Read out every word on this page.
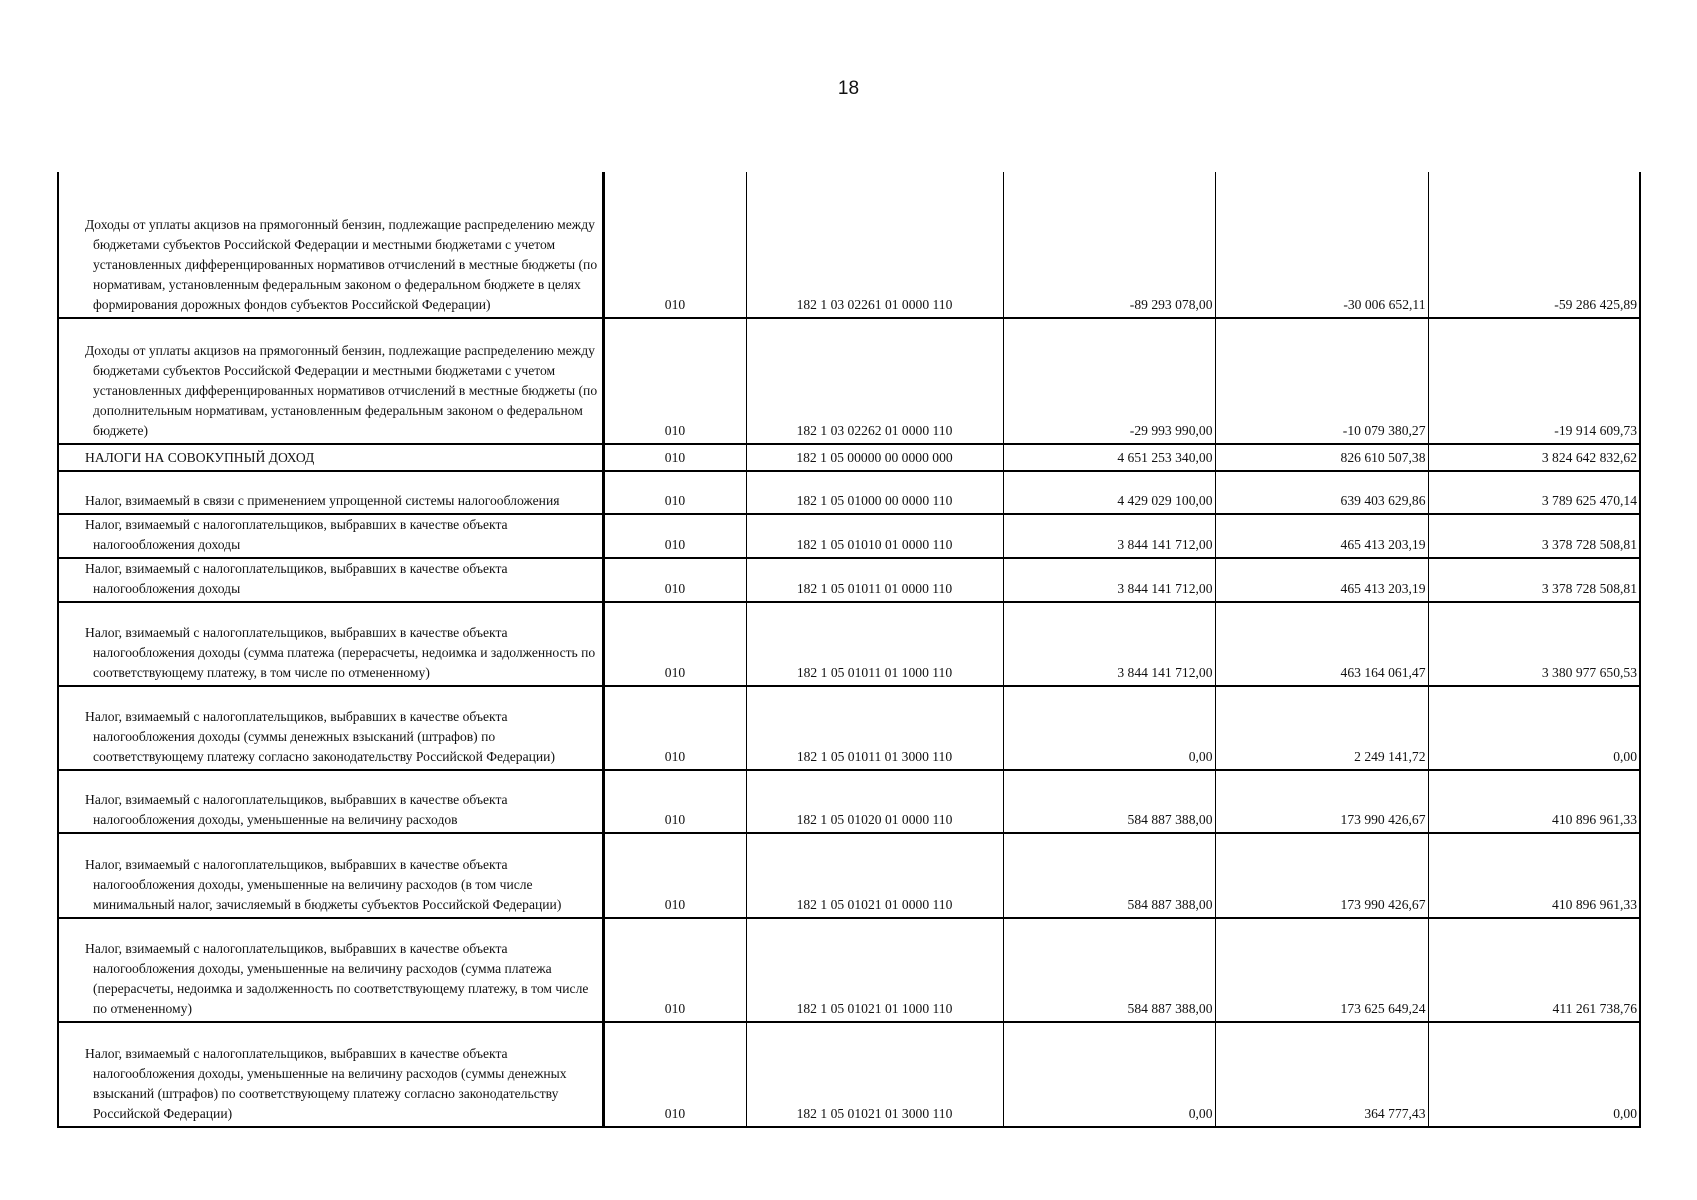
18
Доходы от уплаты акцизов на прямогонный бензин, подлежащие распределению между бюджетами субъектов Российской Федерации и местными бюджетами с учетом установленных дифференцированных нормативов отчислений в местные бюджеты (по нормативам, установленным федеральным законом о федеральном бюджете в целях формирования дорожных фондов субъектов Российской Федерации)	010	182 1 03 02261 01 0000 110	-89 293 078,00	-30 006 652,11	-59 286 425,89
Доходы от уплаты акцизов на прямогонный бензин, подлежащие распределению между бюджетами субъектов Российской Федерации и местными бюджетами с учетом установленных дифференцированных нормативов отчислений в местные бюджеты (по дополнительным нормативам, установленным федеральным законом о федеральном бюджете)	010	182 1 03 02262 01 0000 110	-29 993 990,00	-10 079 380,27	-19 914 609,73
НАЛОГИ НА СОВОКУПНЫЙ ДОХОД	010	182 1 05 00000 00 0000 000	4 651 253 340,00	826 610 507,38	3 824 642 832,62
Налог, взимаемый в связи с применением упрощенной системы налогообложения	010	182 1 05 01000 00 0000 110	4 429 029 100,00	639 403 629,86	3 789 625 470,14
Налог, взимаемый с налогоплательщиков, выбравших в качестве объекта налогообложения доходы	010	182 1 05 01010 01 0000 110	3 844 141 712,00	465 413 203,19	3 378 728 508,81
Налог, взимаемый с налогоплательщиков, выбравших в качестве объекта налогообложения доходы	010	182 1 05 01011 01 0000 110	3 844 141 712,00	465 413 203,19	3 378 728 508,81
Налог, взимаемый с налогоплательщиков, выбравших в качестве объекта налогообложения доходы (сумма платежа (перерасчеты, недоимка и задолженность по соответствующему платежу, в том числе по отмененному)	010	182 1 05 01011 01 1000 110	3 844 141 712,00	463 164 061,47	3 380 977 650,53
Налог, взимаемый с налогоплательщиков, выбравших в качестве объекта налогообложения доходы (суммы денежных взысканий (штрафов) по соответствующему платежу согласно законодательству Российской Федерации)	010	182 1 05 01011 01 3000 110	0,00	2 249 141,72	0,00
Налог, взимаемый с налогоплательщиков, выбравших в качестве объекта налогообложения доходы, уменьшенные на величину расходов	010	182 1 05 01020 01 0000 110	584 887 388,00	173 990 426,67	410 896 961,33
Налог, взимаемый с налогоплательщиков, выбравших в качестве объекта налогообложения доходы, уменьшенные на величину расходов (в том числе минимальный налог, зачисляемый в бюджеты субъектов Российской Федерации)	010	182 1 05 01021 01 0000 110	584 887 388,00	173 990 426,67	410 896 961,33
Налог, взимаемый с налогоплательщиков, выбравших в качестве объекта налогообложения доходы, уменьшенные на величину расходов (сумма платежа (перерасчеты, недоимка и задолженность по соответствующему платежу, в том числе по отмененному)	010	182 1 05 01021 01 1000 110	584 887 388,00	173 625 649,24	411 261 738,76
Налог, взимаемый с налогоплательщиков, выбравших в качестве объекта налогообложения доходы, уменьшенные на величину расходов (суммы денежных взысканий (штрафов) по соответствующему платежу согласно законодательству Российской Федерации)	010	182 1 05 01021 01 3000 110	0,00	364 777,43	0,00
